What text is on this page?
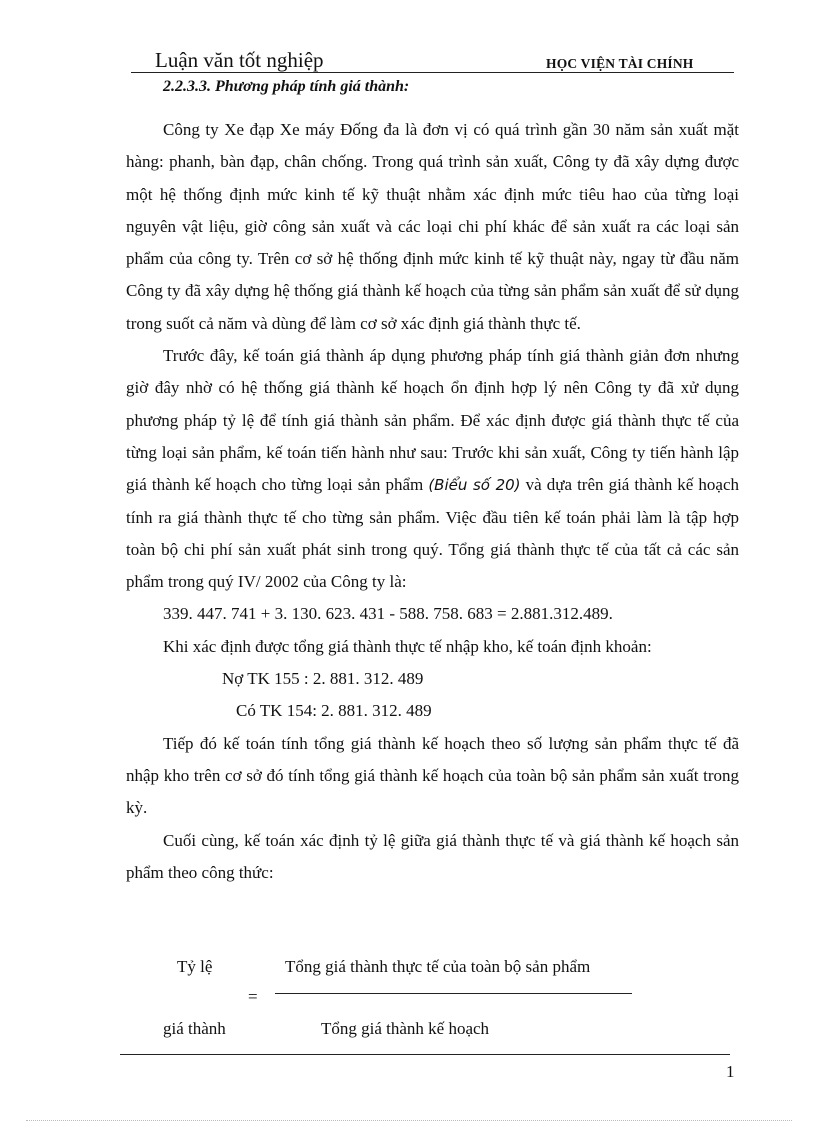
Luận văn tốt nghiệp	HỌC VIỆN TÀI CHÍNH
2.2.3.3. Phương pháp tính giá thành:

Công ty Xe đạp Xe máy Đống đa là đơn vị có quá trình gần 30 năm sản xuất mặt hàng: phanh, bàn đạp, chân chống. Trong quá trình sản xuất, Công ty đã xây dựng được một hệ thống định mức kinh tế kỹ thuật nhằm xác định mức tiêu hao của từng loại nguyên vật liệu, giờ công sản xuất và các loại chi phí khác để sản xuất ra các loại sản phẩm của công ty. Trên cơ sở hệ thống định mức kinh tế kỹ thuật này, ngay từ đầu năm Công ty đã xây dựng hệ thống giá thành kế hoạch của từng sản phẩm sản xuất để sử dụng trong suốt cả năm và dùng để làm cơ sở xác định giá thành thực tế.

Trước đây, kế toán giá thành áp dụng phương pháp tính giá thành giản đơn nhưng giờ đây nhờ có hệ thống giá thành kế hoạch ổn định hợp lý nên Công ty đã xử dụng phương pháp tỷ lệ để tính giá thành sản phẩm. Để xác định được giá thành thực tế của từng loại sản phẩm, kế toán tiến hành như sau: Trước khi sản xuất, Công ty tiến hành lập giá thành kế hoạch cho từng loại sản phẩm (Biểu số 20) và dựa trên giá thành kế hoạch tính ra giá thành thực tế cho từng sản phẩm. Việc đầu tiên kế toán phải làm là tập hợp toàn bộ chi phí sản xuất phát sinh trong quý. Tổng giá thành thực tế của tất cả các sản phẩm trong quý IV/ 2002 của Công ty là:

339. 447. 741 + 3. 130. 623. 431 - 588. 758. 683 = 2.881.312.489.

Khi xác định được tổng giá thành thực tế nhập kho, kế toán định khoản:

Nợ TK 155 : 2. 881. 312. 489

Có TK 154: 2. 881. 312. 489

Tiếp đó kế toán tính tổng giá thành kế hoạch theo số lượng sản phẩm thực tế đã nhập kho trên cơ sở đó tính tổng giá thành kế hoạch của toàn bộ sản phẩm sản xuất trong kỳ.

Cuối cùng, kế toán xác định tỷ lệ giữa giá thành thực tế và giá thành kế hoạch sản phẩm theo công thức:

Tỷ lệ
=
giá thành
Tổng giá thành thực tế của toàn bộ sản phẩm
Tổng giá thành kế hoạch
1
